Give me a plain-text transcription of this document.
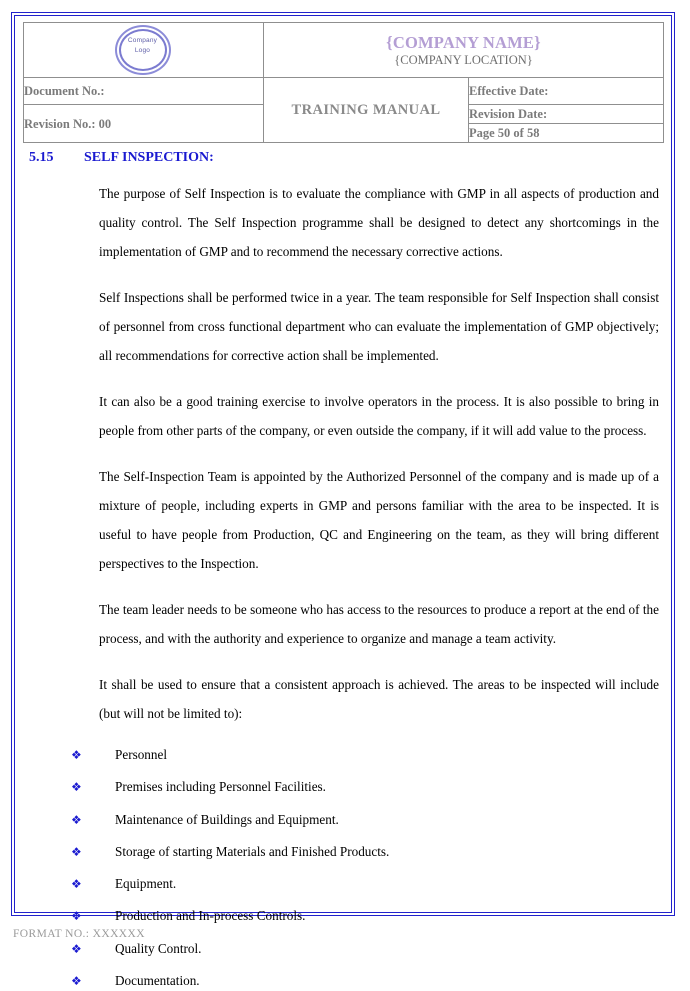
Company
Logo	{COMPANY NAME}
{COMPANY LOCATION}

Document No.:	TRAINING MANUAL	Effective Date:
Revision No.: 00		Revision Date:
		Page 50 of 58
5.15	SELF INSPECTION:

The purpose of Self Inspection is to evaluate the compliance with GMP in all aspects of production and quality control. The Self Inspection programme shall be designed to detect any shortcomings in the implementation of GMP and to recommend the necessary corrective actions.

Self Inspections shall be performed twice in a year. The team responsible for Self Inspection shall consist of personnel from cross functional department who can evaluate the implementation of GMP objectively; all recommendations for corrective action shall be implemented.

It can also be a good training exercise to involve operators in the process. It is also possible to bring in people from other parts of the company, or even outside the company, if it will add value to the process.

The Self-Inspection Team is appointed by the Authorized Personnel of the company and is made up of a mixture of people, including experts in GMP and persons familiar with the area to be inspected. It is useful to have people from Production, QC and Engineering on the team, as they will bring different perspectives to the Inspection.

The team leader needs to be someone who has access to the resources to produce a report at the end of the process, and with the authority and experience to organize and manage a team activity.

It shall be used to ensure that a consistent approach is achieved. The areas to be inspected will include (but will not be limited to):

❖	Personnel
❖	Premises including Personnel Facilities.
❖	Maintenance of Buildings and Equipment.
❖	Storage of starting Materials and Finished Products.
❖	Equipment.
❖	Production and In-process Controls.
❖	Quality Control.
❖	Documentation.
FORMAT NO.: XXXXXX
